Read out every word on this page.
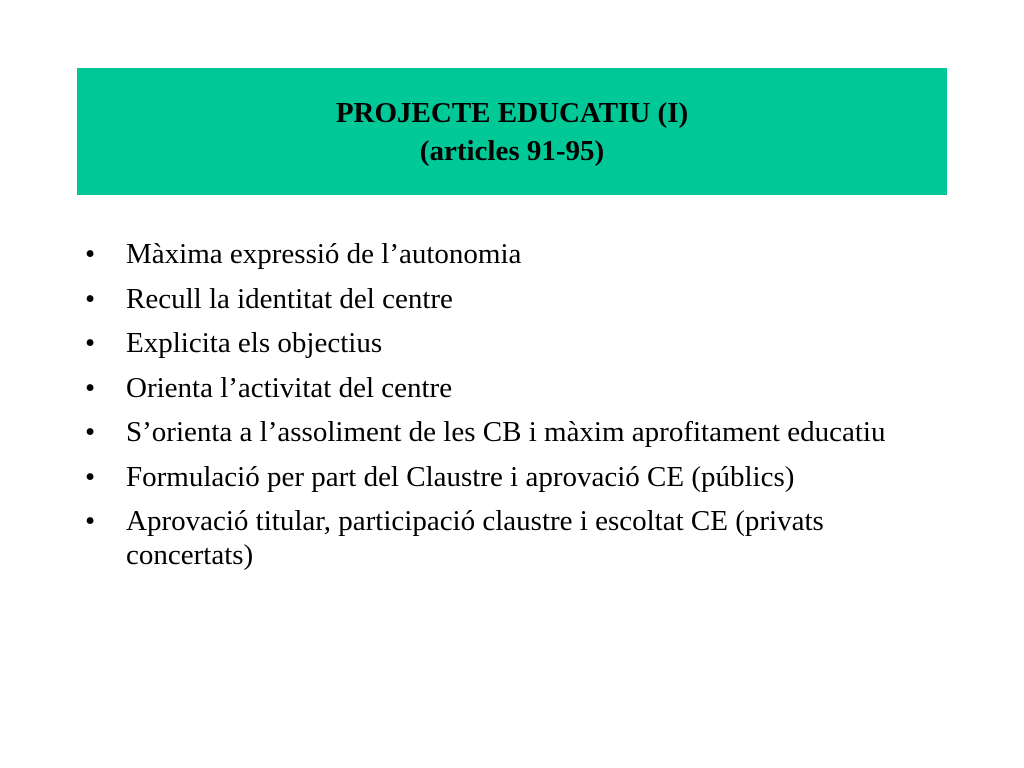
PROJECTE EDUCATIU (I)
(articles 91-95)
•	Màxima expressió de l’autonomia
•	Recull la identitat del centre
•	Explicita els objectius
•	Orienta l’activitat del centre
•	S’orienta a l’assoliment de les CB i màxim aprofitament educatiu
•	Formulació per part del Claustre i aprovació CE (públics)
•	Aprovació titular, participació claustre i escoltat CE (privats concertats)
